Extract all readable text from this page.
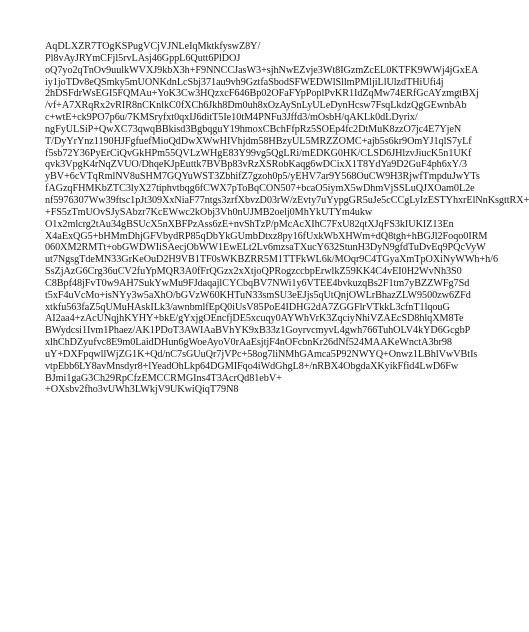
AqDLXZR7TOgKSPugVCjVJNLeIqMktkfyswZ8Y/
Pl8vAyJRYmCFjl5rvLAsj46GppL6Qutt6PlDOJ
oQ7yo2qTnOv9uulkWVXJ9kbX3h+F9NNCCJasW3+sjhNwEZvje3Wt8IGzmZcEL0KTFK9WWj4jGxEA
iy1joTDv8eQSmky5mUONKdnLcSbj371au9vh9GztfaSbodSFWEDWlSllmPMljiLlUlzdTHiUfi4j
2hDSFdrWsEGI5FQMAu+YoK3Cw3HQzxcF646Bp02OFaFYpPoplPvKR1IdZqMw74ERfGcAYzmgtBXj
/vf+A7XRqRx2vRIR8nCKnlkC0fXCh6Jkh8Dm0uh8xOzAySnLyULeDynHcsw7FsqLkdzQgGEwnbAb
c+wtE+ck9PO7p6u/7KMSryfxt0qxIJ6ditT5Ie10tM4PNFu3Jffd3/mOsbH/qAKLk0dLDyrix/
ngFyULSiP+QwXC73qwqBBkisd3BgbqguY19hmoxCBchFfpRz5SOEp4fc2DtMuK8zzO7jc4E7YjeN
T/DyYrYnz1190HJFgfuefMioQdDwXWwHIVhjdm58HBzyUL5MRZZOMC+ajb5s6kr9OmYJ1qlS7yLf
f5sb72Y36PyErCiQvGkHPm55QVLzWHgE83Y99vg5QgLRi/mEDKG0HK/CLSD6JHlzvJiucK5n1UKf
qvk3VpgK4rNqZVUO/DhqeKJpEuttk7BVBp83vRzXSRobKaqg6wDCixX1T8YdYa9D2GuF4ph6xY/3
yBV+6cVTqRmlNV8uSHM7GQYuWST3ZbhifZ7gzoh0p5/yEHV7ar9Y568OuCW9H3RjwfTmpduJwYTs
fAGzqFHMKbZTC3lyX27tiphvtbqg6fCWX7pToBqCON507+bcaO5iymX5wDhmVjSSLuQJXOam0L2e
nf5976307Ww39ftsc1pJt309XxNiaF77ntgs3zrfXbvzD03rW/zEvty7uYypgGR5uJe5cCCgLyIzESTYhxrElNnKsgttRX+
+FS5zTmUOvSJySAbzr7KcEWwc2kObj3Vh0nUJMB2oelj0MhYkUTYm4ukw
O1x2mlcrg2tAu34gBSUcX5nXBFPzAss6zE+nvShTzP/pMcAcXIhC7FxU82qtXJqFS3kIUKIZ13En
X4aExQG5+bHMmDhjGFVbydRP85qDbYkGUmbDtxz8py16fUxkWbXHWm+dQ8tgh+hBGJl2Foqo0IRM
060XM2RMTt+obGWDWIiSAecjObWW1EwELt2Lv6mzsaTXucY632StunH3DyN9gfdTuDvEq9PQcVyW
ut7NgsgTdeMN33GrKeOuD2H9VB1TF0sWKBZRR5M1TTFkWL6k/MOqr9C4TGyaXmTpOXiNyWWh+h/6
SsZjAzG6Crg36uCV2fuYpMQR3A0fFrQGzx2xXtjoQPRogzccbpErwlkZ59KK4C4vEI0H2WvNh3S0
C8Bpf48jFvT0w9AH7SukYwMu9FJdaqajlCYCbqBV7NWi1y6VTEE4bvkuzqBs2F1tm7yBZZWFg7Sd
t5xF4uVcMo+isNYy3w5aXhO/bGVzW60KHTuN33smSU3eEJjs5qUtQnjOWLrBhazZLW9500zw6ZFd
xtkfu563faZ5qUMuHAskILk3/awnbmlfEpQ0iUsV85PoE4IDHG2dA7ZGGFlrVTkkL3cfnT1lqouG
AI2aa4+zAcUNqjhKYHY+bkE/gYxjgOEncfjDE5xcuqy0AYWhVrK3ZqciyNhiVZAEcSD8hlqXM8Te
BWydcsi1Ivm1Phaez/AK1PDoT3AWIAaBVhYK9xB33z1GoyrvcmyvL4gwh766TuhOLV4kYD6GcgbP
xlhChDZyufvc8E9m0LaidDHun6gWoeAyoV0rAaEsjtjF4nOFcbnKr26dNf524MAAKeWnctA3br98
uY+DXFpqwllWjZG1K+Qd/nC7sGUuQr7jVPc+58og7liNMhGAmca5P92NWYQ+Onwz1LBhlVwVBtIs
vtpEbb6LY8avMnsdyr8+lYeadOhLkp64DGMIFqo4iWdGhgL8+/nRBX4ObgdaXKyikFfid4LwD6Fw
BJmi1gaG3Ch29RpCfzEMCCRMGIns4T3AcrQd81ebV+
+OXsbv2fho3vUWh3LWkjV9UKwiQiqT79N8
